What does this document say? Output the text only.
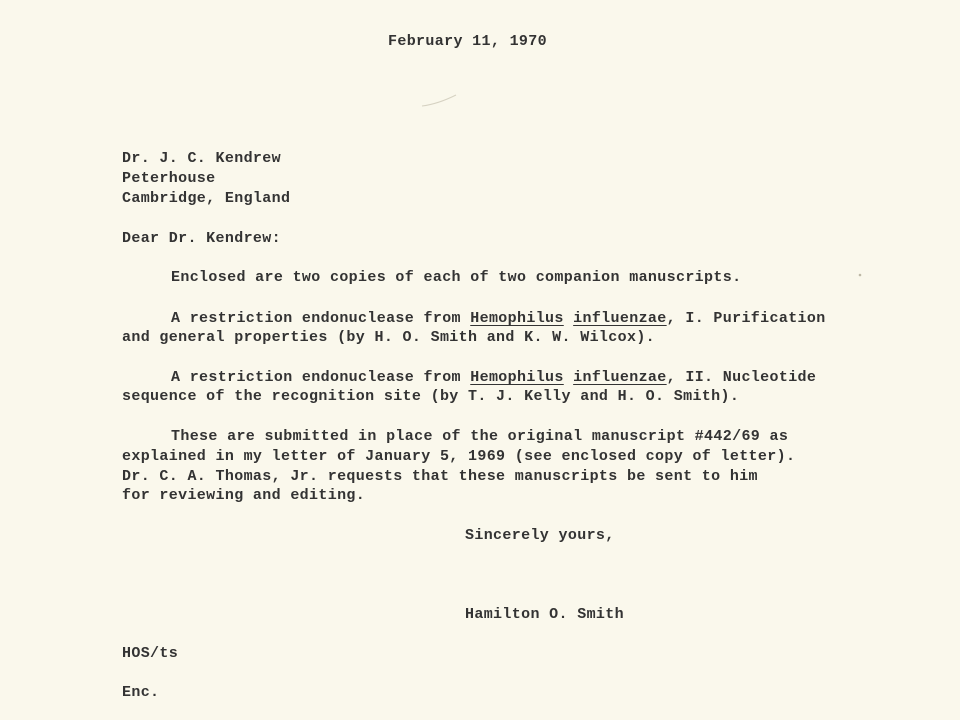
February 11, 1970
Dr. J. C. Kendrew
Peterhouse
Cambridge, England
Dear Dr. Kendrew:
Enclosed are two copies of each of two companion manuscripts.
A restriction endonuclease from Hemophilus influenzae, I. Purification
and general properties (by H. O. Smith and K. W. Wilcox).
A restriction endonuclease from Hemophilus influenzae, II. Nucleotide
sequence of the recognition site (by T. J. Kelly and H. O. Smith).
These are submitted in place of the original manuscript #442/69 as
explained in my letter of January 5, 1969 (see enclosed copy of letter).
Dr. C. A. Thomas, Jr. requests that these manuscripts be sent to him
for reviewing and editing.
Sincerely yours,
Hamilton O. Smith
HOS/ts
Enc.
